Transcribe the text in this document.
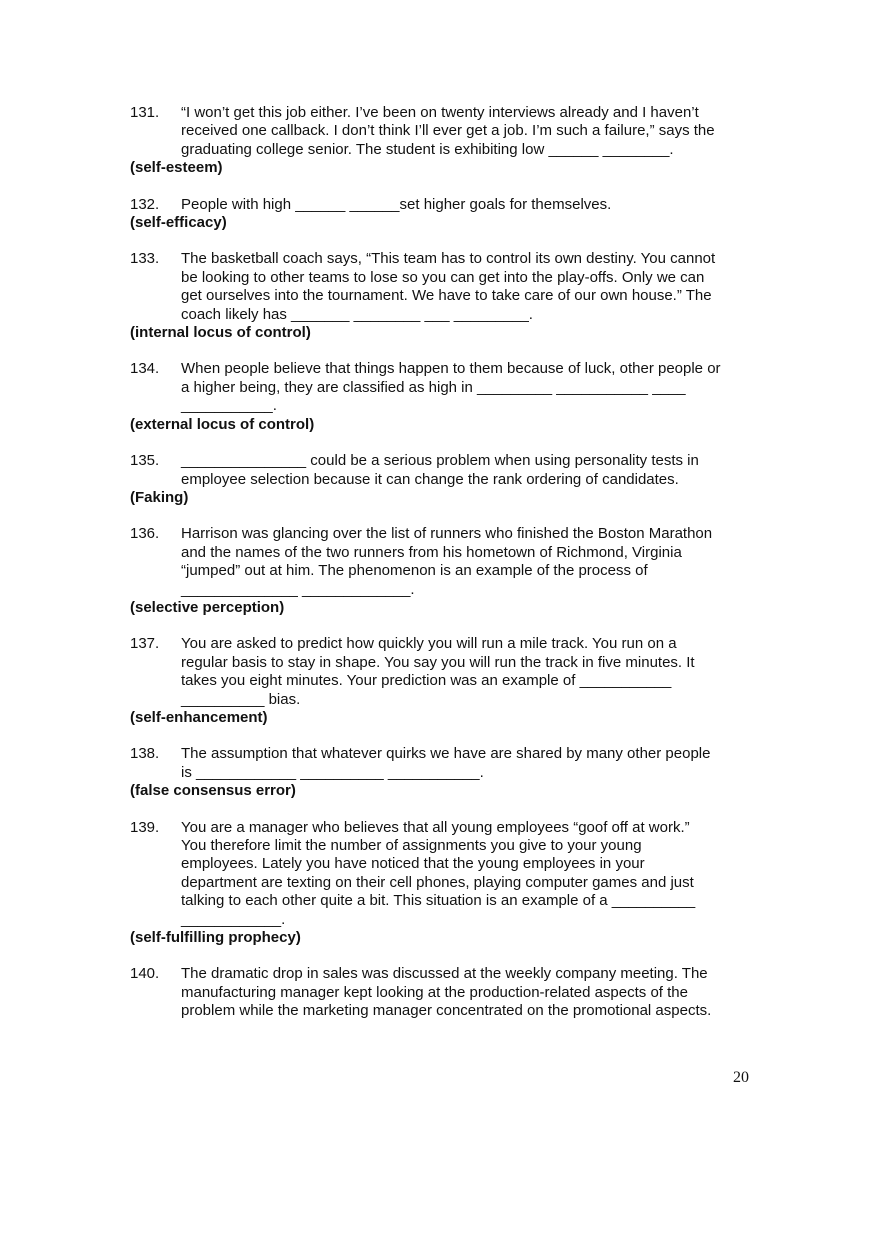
131.	“I won’t get this job either. I’ve been on twenty interviews already and I haven’t
received one callback. I don’t think I’ll ever get a job. I’m such a failure,” says the
graduating college senior. The student is exhibiting low ______ ________.
(self-esteem)
132.	People with high ______ ______set higher goals for themselves.
(self-efficacy)
133.	The basketball coach says, “This team has to control its own destiny. You cannot
be looking to other teams to lose so you can get into the play-offs. Only we can
get ourselves into the tournament. We have to take care of our own house.” The
coach likely has _______ ________ ___ _________.
(internal locus of control)
134.	When people believe that things happen to them because of luck, other people or
a higher being, they are classified as high in _________ ___________ ____
___________.
(external locus of control)
135.	_______________ could be a serious problem when using personality tests in
employee selection because it can change the rank ordering of candidates.
(Faking)
136.	Harrison was glancing over the list of runners who finished the Boston Marathon
and the names of the two runners from his hometown of Richmond, Virginia
“jumped” out at him. The phenomenon is an example of the process of
______________ _____________.
(selective perception)
137.	You are asked to predict how quickly you will run a mile track. You run on a
regular basis to stay in shape. You say you will run the track in five minutes. It
takes you eight minutes. Your prediction was an example of ___________
__________ bias.
(self-enhancement)
138.	The assumption that whatever quirks we have are shared by many other people
is ____________ __________ ___________.
(false consensus error)
139.	You are a manager who believes that all young employees “goof off at work.”
You therefore limit the number of assignments you give to your young
employees. Lately you have noticed that the young employees in your
department are texting on their cell phones, playing computer games and just
talking to each other quite a bit. This situation is an example of a __________
____________.
(self-fulfilling prophecy)
140.	The dramatic drop in sales was discussed at the weekly company meeting. The
manufacturing manager kept looking at the production-related aspects of the
problem while the marketing manager concentrated on the promotional aspects.
20
